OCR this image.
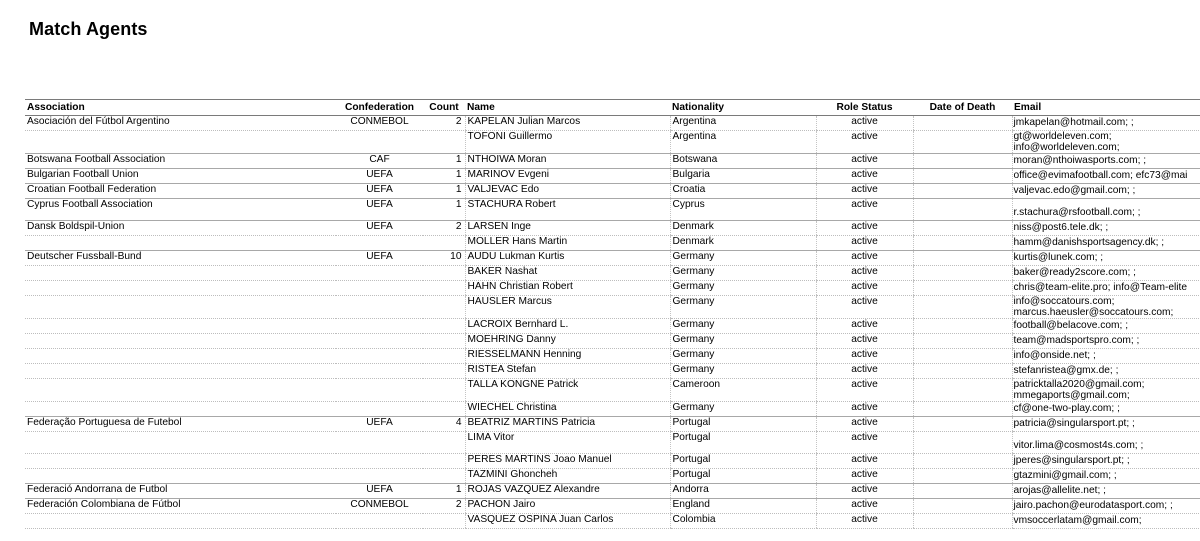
Match Agents
Association	Confederation	Count	Name	Nationality	Role Status	Date of Death	Email
Asociación del Fútbol Argentino	CONMEBOL	2	KAPELAN Julian Marcos	Argentina	active		jmkapelan@hotmail.com; ;

			TOFONI Guillermo	Argentina	active		gt@worldeleven.com;
info@worldeleven.com;

Botswana Football Association	CAF	1	NTHOIWA Moran	Botswana	active		moran@nthoiwasports.com; ;

Bulgarian Football Union	UEFA	1	MARINOV Evgeni	Bulgaria	active		office@evimafootball.com; efc73@mai

Croatian Football Federation	UEFA	1	VALJEVAC Edo	Croatia	active		valjevac.edo@gmail.com; ;

Cyprus Football Association	UEFA	1	STACHURA Robert	Cyprus	active		r.stachura@rsfootball.com; ;

Dansk Boldspil-Union	UEFA	2	LARSEN Inge	Denmark	active		niss@post6.tele.dk; ;

			MOLLER Hans Martin	Denmark	active		hamm@danishsportsagency.dk; ;

Deutscher Fussball-Bund	UEFA	10	AUDU Lukman Kurtis	Germany	active		kurtis@lunek.com; ;

			BAKER Nashat	Germany	active		baker@ready2score.com; ;

			HAHN Christian Robert	Germany	active		chris@team-elite.pro; info@Team-elite

			HAUSLER Marcus	Germany	active		info@soccatours.com;
marcus.haeusler@soccatours.com;

			LACROIX Bernhard L.	Germany	active		football@belacove.com; ;

			MOEHRING Danny	Germany	active		team@madsportspro.com; ;

			RIESSELMANN Henning	Germany	active		info@onside.net; ;

			RISTEA Stefan	Germany	active		stefanristea@gmx.de; ;

			TALLA KONGNE Patrick	Cameroon	active		patricktalla2020@gmail.com;
mmegaports@gmail.com;

			WIECHEL Christina	Germany	active		cf@one-two-play.com; ;

Federação Portuguesa de Futebol	UEFA	4	BEATRIZ MARTINS Patricia	Portugal	active		patricia@singularsport.pt; ;

			LIMA Vitor	Portugal	active		vitor.lima@cosmost4s.com; ;

			PERES MARTINS Joao Manuel	Portugal	active		jperes@singularsport.pt; ;

			TAZMINI Ghoncheh	Portugal	active		gtazmini@gmail.com; ;

Federació Andorrana de Futbol	UEFA	1	ROJAS VAZQUEZ Alexandre	Andorra	active		arojas@allelite.net; ;

Federación Colombiana de Fútbol	CONMEBOL	2	PACHON Jairo	England	active		jairo.pachon@eurodatasport.com; ;

			VASQUEZ OSPINA Juan Carlos	Colombia	active		vmsoccerlatam@gmail.com;
